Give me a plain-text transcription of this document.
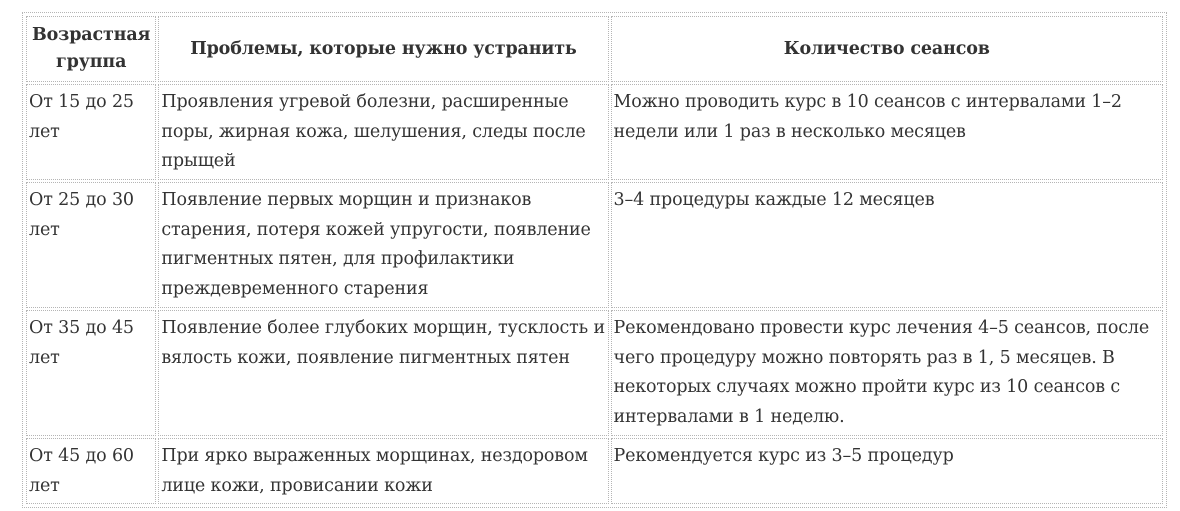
Возрастная группа	Проблемы, которые нужно устранить	Количество сеансов
От 15 до 25 лет	Проявления угревой болезни, расширенные поры, жирная кожа, шелушения, следы после прыщей	Можно проводить курс в 10 сеансов с интервалами 1–2 недели или 1 раз в несколько месяцев
От 25 до 30 лет	Появление первых морщин и признаков старения, потеря кожей упругости, появление пигментных пятен, для профилактики преждевременного старения	3–4 процедуры каждые 12 месяцев
От 35 до 45 лет	Появление более глубоких морщин, тусклость и вялость кожи, появление пигментных пятен	Рекомендовано провести курс лечения 4–5 сеансов, после чего процедуру можно повторять раз в 1, 5 месяцев. В некоторых случаях можно пройти курс из 10 сеансов с интервалами в 1 неделю.
От 45 до 60 лет	При ярко выраженных морщинах, нездоровом лице кожи, провисании кожи	Рекомендуется курс из 3–5 процедур
